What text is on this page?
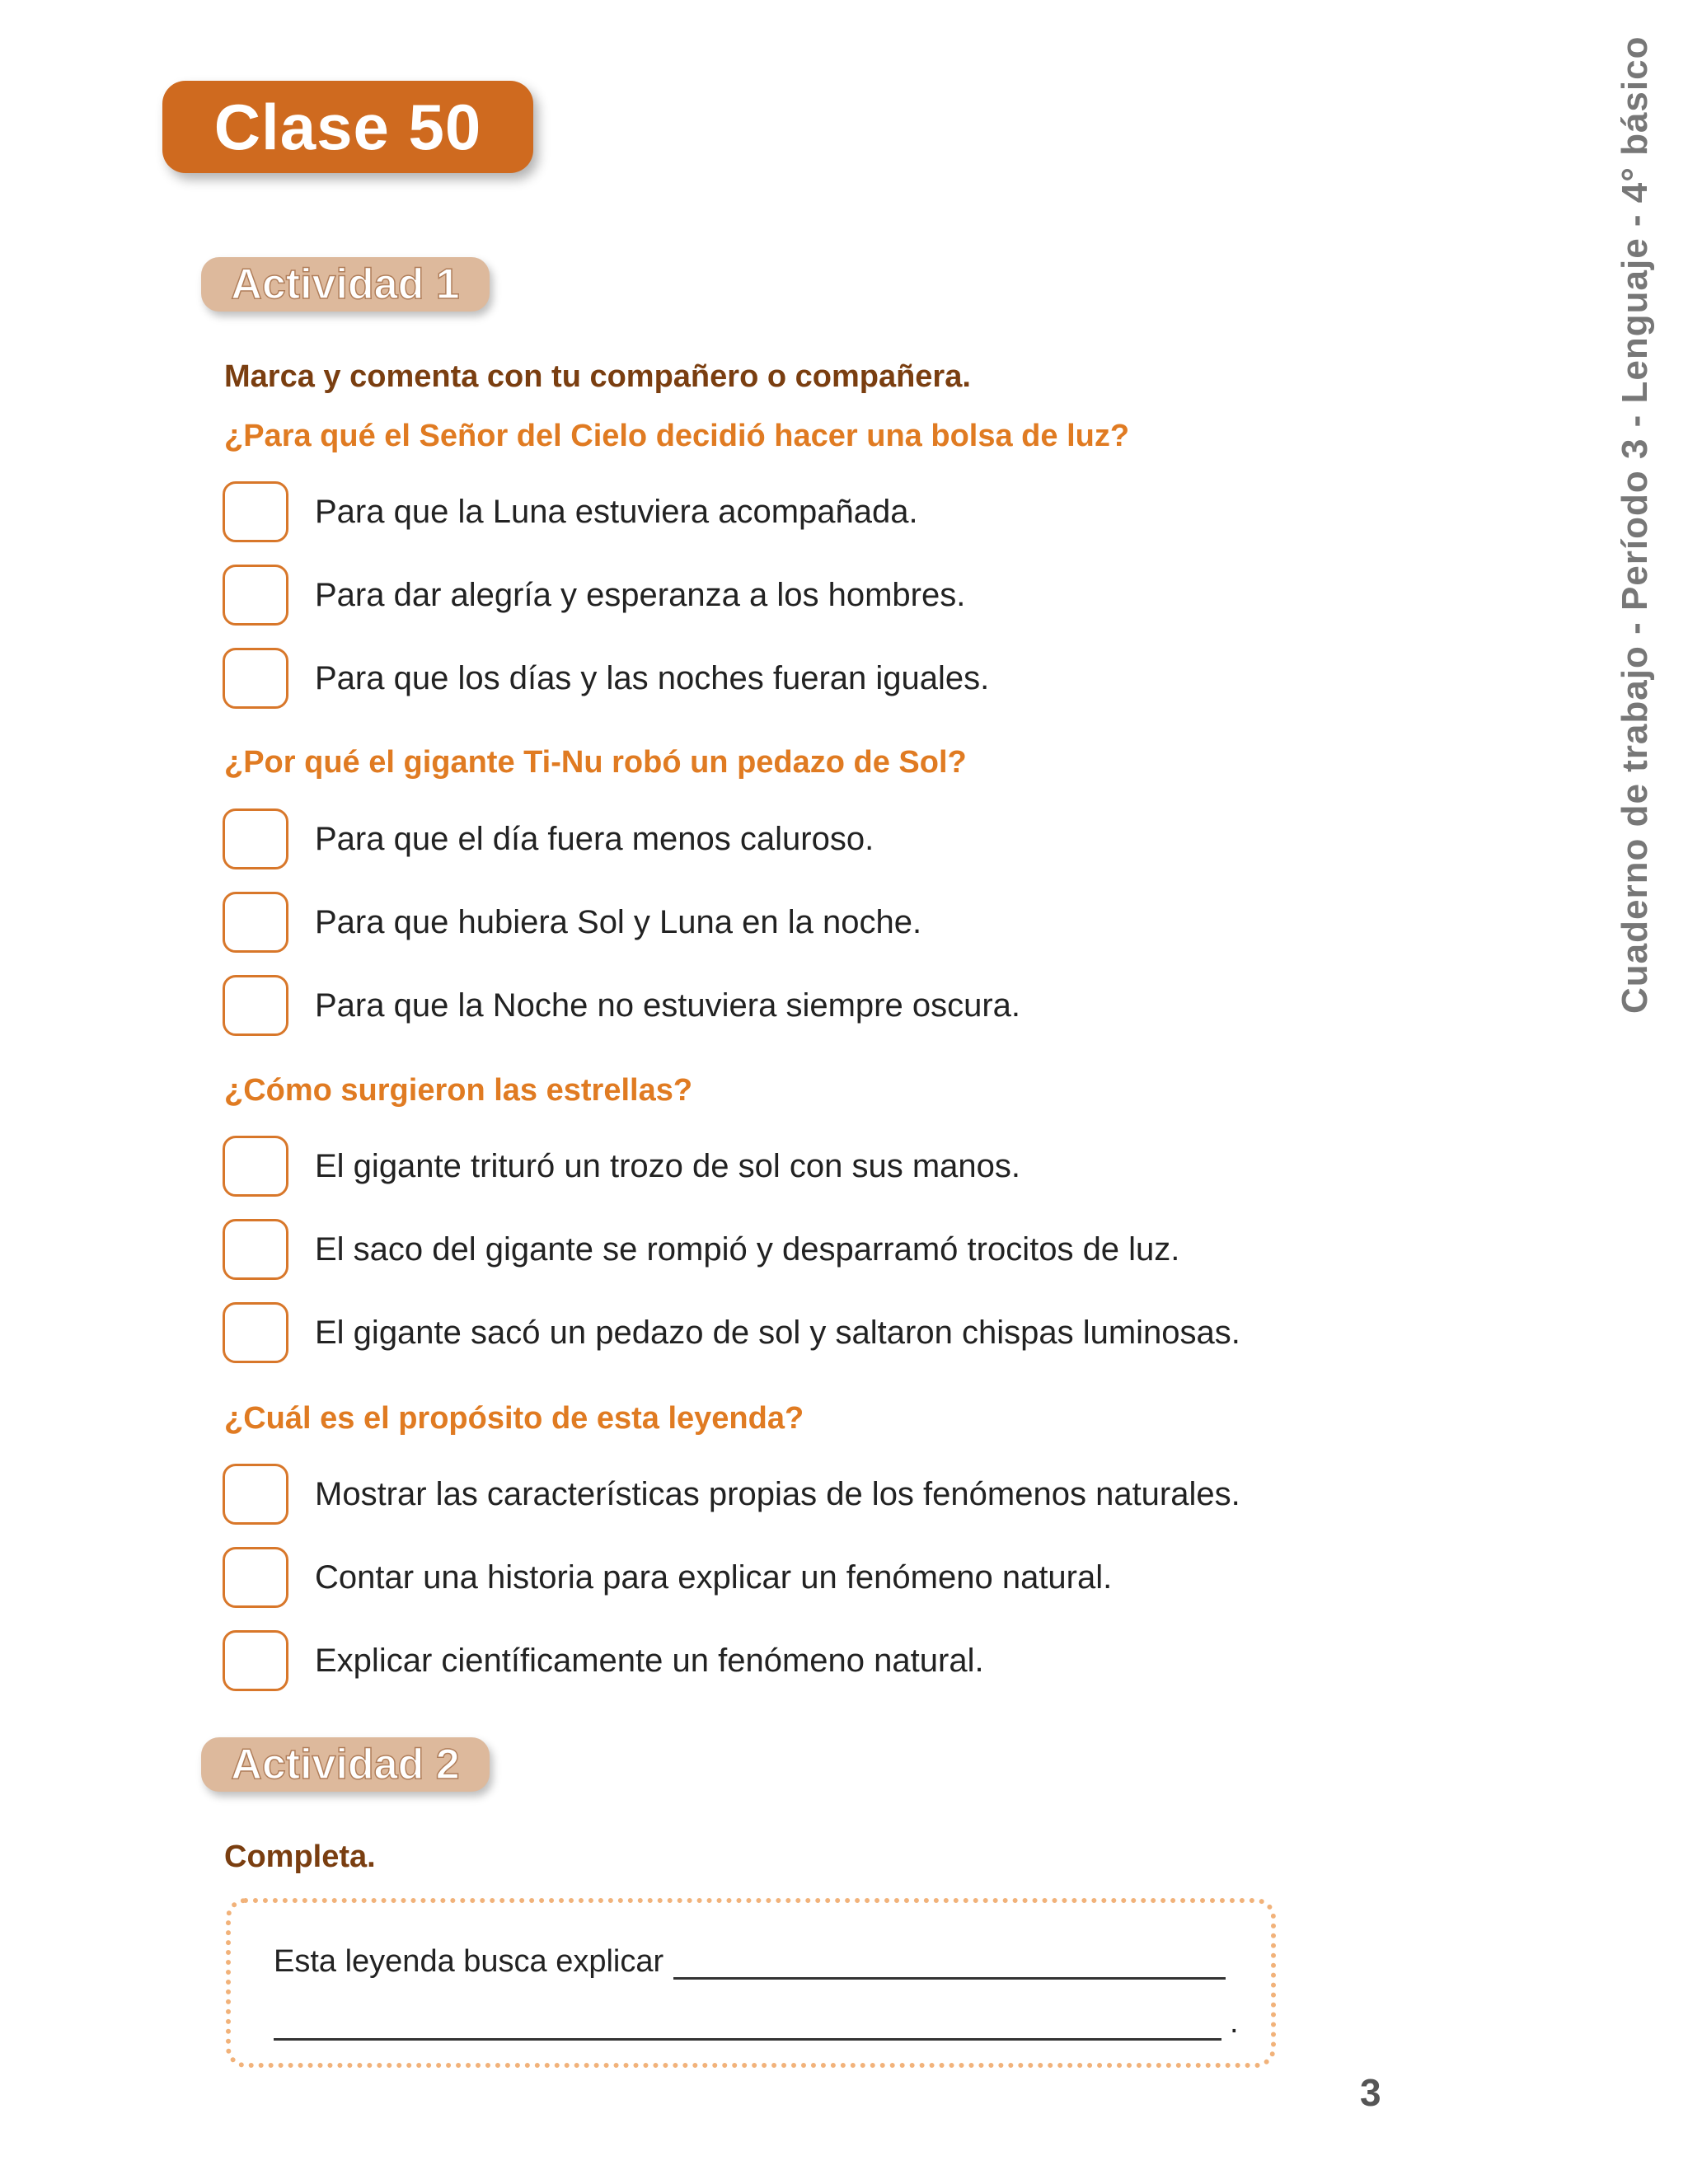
Clase 50	Cuaderno de trabajo - Período 3 - Lenguaje - 4° básico
Actividad 1
Marca y comenta con tu compañero o compañera.
¿Para qué el Señor del Cielo decidió hacer una bolsa de luz?
Para que la Luna estuviera acompañada.
Para dar alegría y esperanza a los hombres.
Para que los días y las noches fueran iguales.
¿Por qué el gigante Ti-Nu robó un pedazo de Sol?
Para que el día fuera menos caluroso.
Para que hubiera Sol y Luna en la noche.
Para que la Noche no estuviera siempre oscura.
¿Cómo surgieron las estrellas?
El gigante trituró un trozo de sol con sus manos.
El saco del gigante se rompió y desparramó trocitos de luz.
El gigante sacó un pedazo de sol y saltaron chispas luminosas.
¿Cuál es el propósito de esta leyenda?
Mostrar las características propias de los fenómenos naturales.
Contar una historia para explicar un fenómeno natural.
Explicar científicamente un fenómeno natural.
Actividad 2
Completa.
Esta leyenda busca explicar
.
3
